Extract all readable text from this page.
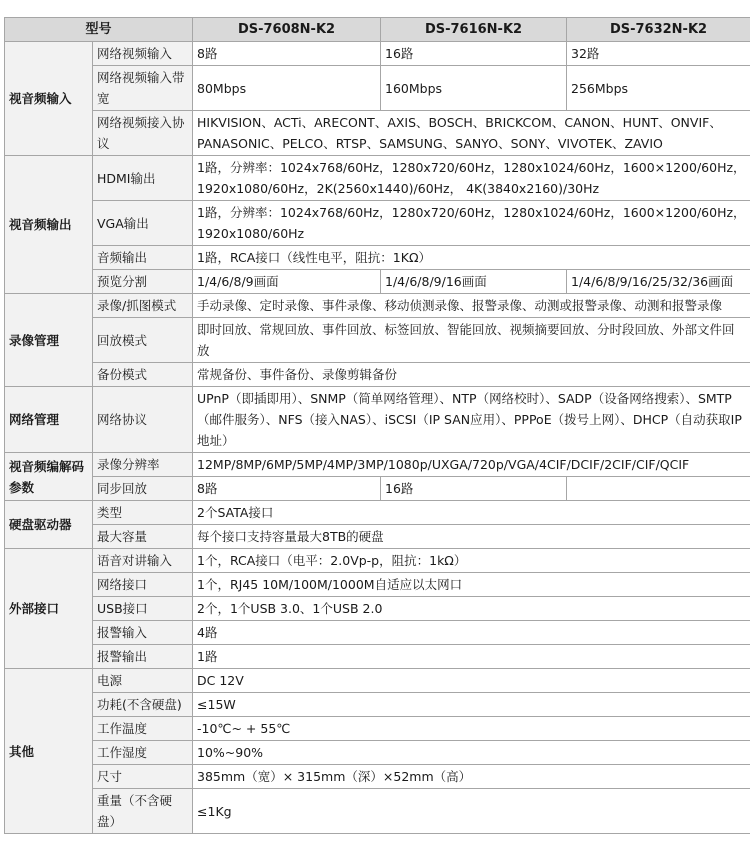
型号		DS-7608N-K2	DS-7616N-K2	DS-7632N-K2
视音频输入	网络视频输入	8路	16路	32路
	网络视频输入带宽	80Mbps	160Mbps	256Mbps
	网络视频接入协议	HIKVISION、ACTi、ARECONT、AXIS、BOSCH、BRICKCOM、CANON、HUNT、ONVIF、PANASONIC、PELCO、RTSP、SAMSUNG、SANYO、SONY、VIVOTEK、ZAVIO		
视音频输出	HDMI输出	1路，分辨率：1024x768/60Hz，1280x720/60Hz，1280x1024/60Hz，1600×1200/60Hz，1920x1080/60Hz，2K(2560x1440)/60Hz， 4K(3840x2160)/30Hz		
	VGA输出	1路，分辨率：1024x768/60Hz，1280x720/60Hz，1280x1024/60Hz，1600×1200/60Hz，1920x1080/60Hz		
	音频输出	1路，RCA接口（线性电平，阻抗：1KΩ）		
	预览分割	1/4/6/8/9画面	1/4/6/8/9/16画面	1/4/6/8/9/16/25/32/36画面
录像管理	录像/抓图模式	手动录像、定时录像、事件录像、移动侦测录像、报警录像、动测或报警录像、动测和报警录像		
	回放模式	即时回放、常规回放、事件回放、标签回放、智能回放、视频摘要回放、分时段回放、外部文件回放		
	备份模式	常规备份、事件备份、录像剪辑备份		
网络管理	网络协议	UPnP（即插即用）、SNMP（简单网络管理）、NTP（网络校时）、SADP（设备网络搜索）、SMTP（邮件服务）、NFS（接入NAS）、iSCSI（IP SAN应用）、PPPoE（拨号上网）、DHCP（自动获取IP地址）		
视音频编解码参数	录像分辨率	12MP/8MP/6MP/5MP/4MP/3MP/1080p/UXGA/720p/VGA/4CIF/DCIF/2CIF/CIF/QCIF		
	同步回放	8路	16路	
硬盘驱动器	类型	2个SATA接口		
	最大容量	每个接口支持容量最大8TB的硬盘		
外部接口	语音对讲输入	1个，RCA接口（电平：2.0Vp-p，阻抗：1kΩ）		
	网络接口	1个，RJ45 10M/100M/1000M自适应以太网口		
	USB接口	2个，1个USB 3.0、1个USB 2.0		
	报警输入	4路		
	报警输出	1路		
其他	电源	DC 12V		
	功耗(不含硬盘)	≤15W		
	工作温度	-10℃~ + 55℃		
	工作湿度	10%~90%		
	尺寸	385mm（宽）× 315mm（深）×52mm（高）		
	重量（不含硬盘）	≤1Kg		
